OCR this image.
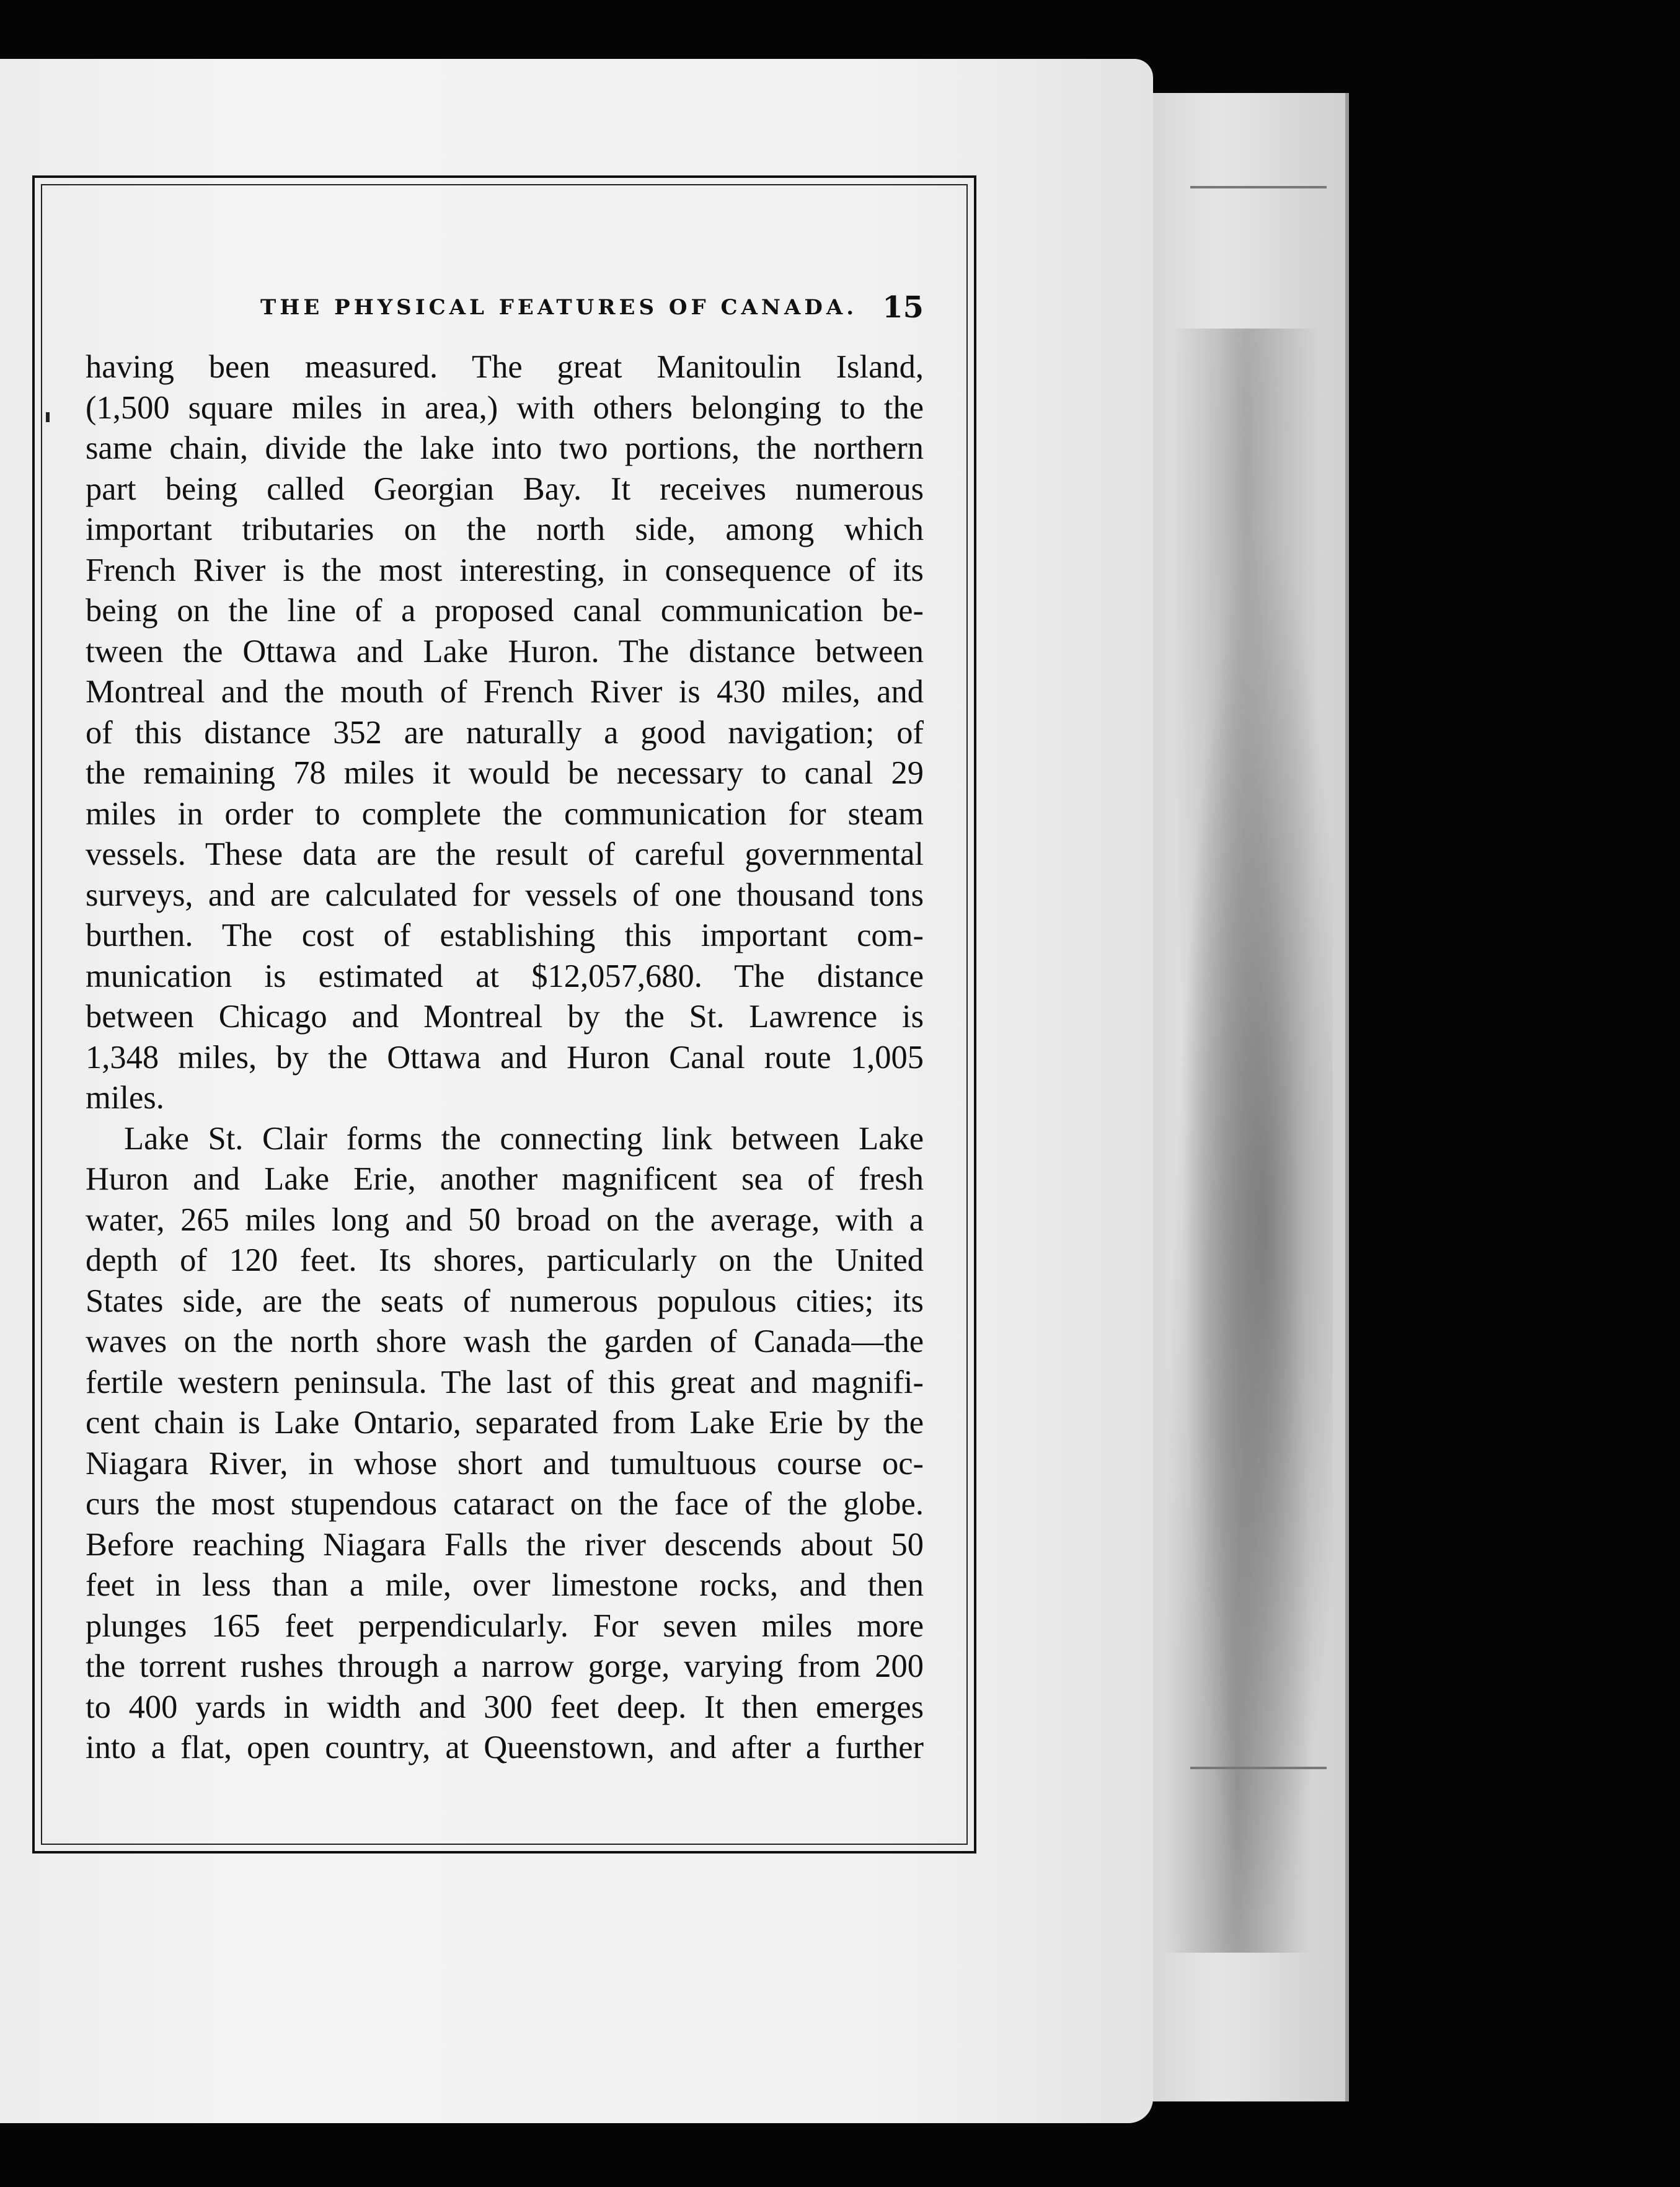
THE PHYSICAL FEATURES OF CANADA. 15

having been measured. The great Manitoulin Island,
(1,500 square miles in area,) with others belonging to the
same chain, divide the lake into two portions, the northern
part being called Georgian Bay. It receives numerous
important tributaries on the north side, among which
French River is the most interesting, in consequence of its
being on the line of a proposed canal communication be-
tween the Ottawa and Lake Huron. The distance between
Montreal and the mouth of French River is 430 miles, and
of this distance 352 are naturally a good navigation; of
the remaining 78 miles it would be necessary to canal 29
miles in order to complete the communication for steam
vessels. These data are the result of careful governmental
surveys, and are calculated for vessels of one thousand tons
burthen. The cost of establishing this important com-
munication is estimated at $12,057,680. The distance
between Chicago and Montreal by the St. Lawrence is
1,348 miles, by the Ottawa and Huron Canal route 1,005
miles.

Lake St. Clair forms the connecting link between Lake
Huron and Lake Erie, another magnificent sea of fresh
water, 265 miles long and 50 broad on the average, with a
depth of 120 feet. Its shores, particularly on the United
States side, are the seats of numerous populous cities; its
waves on the north shore wash the garden of Canada—the
fertile western peninsula. The last of this great and magnifi-
cent chain is Lake Ontario, separated from Lake Erie by the
Niagara River, in whose short and tumultuous course oc-
curs the most stupendous cataract on the face of the globe.
Before reaching Niagara Falls the river descends about 50
feet in less than a mile, over limestone rocks, and then
plunges 165 feet perpendicularly. For seven miles more
the torrent rushes through a narrow gorge, varying from 200
to 400 yards in width and 300 feet deep. It then emerges
into a flat, open country, at Queenstown, and after a further
